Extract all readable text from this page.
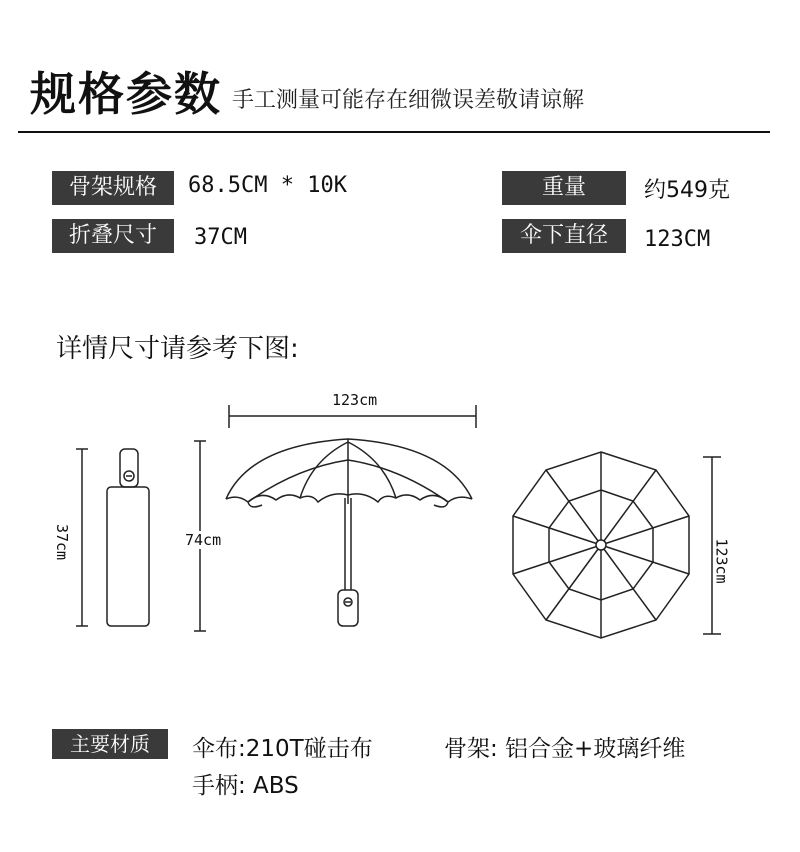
规格参数 手工测量可能存在细微误差敬请谅解
骨架规格	68.5CM * 10K	重量	约549克
折叠尺寸	37CM	伞下直径	123CM
详情尺寸请参考下图:
37cm	74cm
123cm
123cm
主要材质	伞布:210T碰击布	骨架: 铝合金+玻璃纤维
手柄: ABS
